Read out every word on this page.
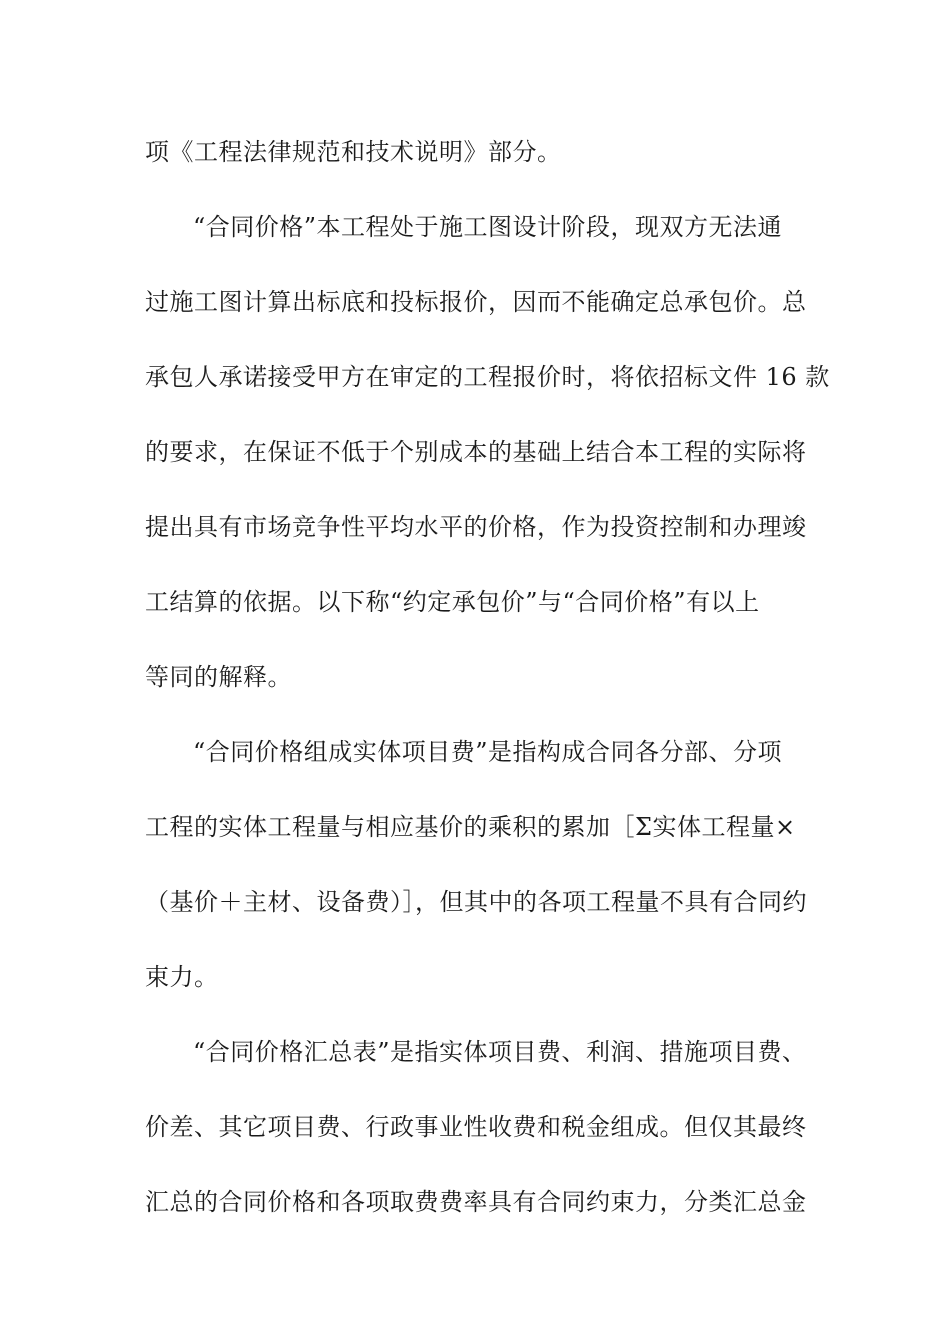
项《工程法律规范和技术说明》部分。
“合同价格”本工程处于施工图设计阶段，现双方无法通
过施工图计算出标底和投标报价，因而不能确定总承包价。总
承包人承诺接受甲方在审定的工程报价时，将依招标文件 16 款
的要求，在保证不低于个别成本的基础上结合本工程的实际将
提出具有市场竞争性平均水平的价格，作为投资控制和办理竣
工结算的依据。以下称“约定承包价”与“合同价格”有以上
等同的解释。
“合同价格组成实体项目费”是指构成合同各分部、分项
工程的实体工程量与相应基价的乘积的累加［Σ实体工程量×
（基价＋主材、设备费）］，但其中的各项工程量不具有合同约
束力。
“合同价格汇总表”是指实体项目费、利润、措施项目费、
价差、其它项目费、行政事业性收费和税金组成。但仅其最终
汇总的合同价格和各项取费费率具有合同约束力，分类汇总金
